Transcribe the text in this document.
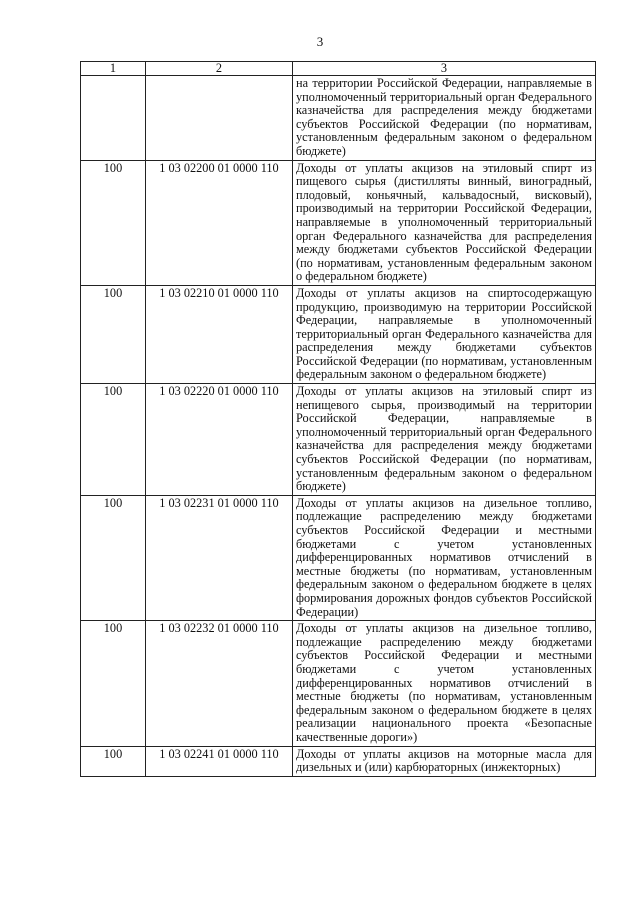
3
1	2	3
		на территории Российской Федерации, направляемые в уполномоченный территориальный орган Федерального казначейства для распределения между бюджетами субъектов Российской Федерации (по нормативам, установленным федеральным законом о федеральном бюджете)
100	1 03 02200 01 0000 110	Доходы от уплаты акцизов на этиловый спирт из пищевого сырья (дистилляты винный, виноградный, плодовый, коньячный, кальвадосный, висковый), производимый на территории Российской Федерации, направляемые в уполномоченный территориальный орган Федерального казначейства для распределения между бюджетами субъектов Российской Федерации (по нормативам, установленным федеральным законом о федеральном бюджете)
100	1 03 02210 01 0000 110	Доходы от уплаты акцизов на спиртосодержащую продукцию, производимую на территории Российской Федерации, направляемые в уполномоченный территориальный орган Федерального казначейства для распределения между бюджетами субъектов Российской Федерации (по нормативам, установленным федеральным законом о федеральном бюджете)
100	1 03 02220 01 0000 110	Доходы от уплаты акцизов на этиловый спирт из непищевого сырья, производимый на территории Российской Федерации, направляемые в уполномоченный территориальный орган Федерального казначейства для распределения между бюджетами субъектов Российской Федерации (по нормативам, установленным федеральным законом о федеральном бюджете)
100	1 03 02231 01 0000 110	Доходы от уплаты акцизов на дизельное топливо, подлежащие распределению между бюджетами субъектов Российской Федерации и местными бюджетами с учетом установленных дифференцированных нормативов отчислений в местные бюджеты (по нормативам, установленным федеральным законом о федеральном бюджете в целях формирования дорожных фондов субъектов Российской Федерации)
100	1 03 02232 01 0000 110	Доходы от уплаты акцизов на дизельное топливо, подлежащие распределению между бюджетами субъектов Российской Федерации и местными бюджетами с учетом установленных дифференцированных нормативов отчислений в местные бюджеты (по нормативам, установленным федеральным законом о федеральном бюджете в целях реализации национального проекта «Безопасные качественные дороги»)
100	1 03 02241 01 0000 110	Доходы от уплаты акцизов на моторные масла для дизельных и (или) карбюраторных (инжекторных)
